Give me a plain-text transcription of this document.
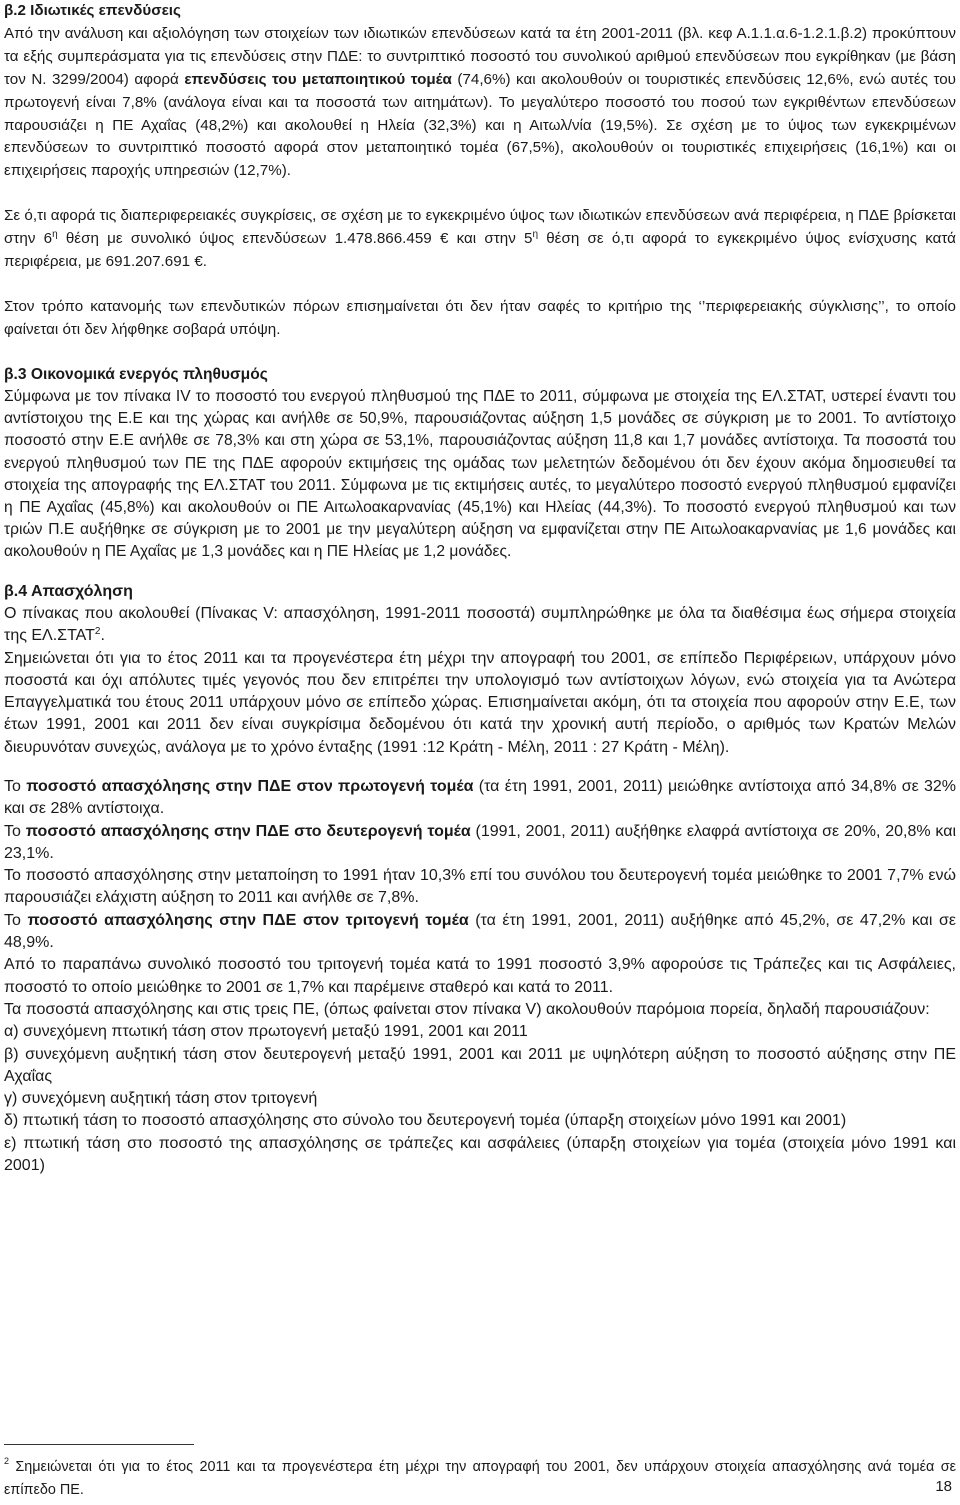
β.2 Ιδιωτικές επενδύσεις

Από την ανάλυση και αξιολόγηση των στοιχείων των ιδιωτικών επενδύσεων κατά τα έτη 2001-2011 (βλ. κεφ Α.1.1.α.6-1.2.1.β.2) προκύπτουν τα εξής συμπεράσματα για τις επενδύσεις στην ΠΔΕ: το συντριπτικό ποσοστό του συνολικού αριθμού επενδύσεων που εγκρίθηκαν (με βάση τον Ν. 3299/2004) αφορά επενδύσεις του μεταποιητικού τομέα (74,6%) και ακολουθούν οι τουριστικές επενδύσεις 12,6%, ενώ αυτές του πρωτογενή είναι 7,8% (ανάλογα είναι και τα ποσοστά των αιτημάτων). Το μεγαλύτερο ποσοστό του ποσού των εγκριθέντων επενδύσεων παρουσιάζει η ΠΕ Αχαΐας (48,2%) και ακολουθεί η Ηλεία (32,3%) και η Αιτωλ/νία (19,5%). Σε σχέση με το ύψος των εγκεκριμένων επενδύσεων το συντριπτικό ποσοστό αφορά στον μεταποιητικό τομέα (67,5%), ακολουθούν οι τουριστικές επιχειρήσεις (16,1%) και οι επιχειρήσεις παροχής υπηρεσιών (12,7%).

Σε ό,τι αφορά τις διαπεριφερειακές συγκρίσεις, σε σχέση με το εγκεκριμένο ύψος των ιδιωτικών επενδύσεων ανά περιφέρεια, η ΠΔΕ βρίσκεται στην $6^\eta$ θέση με συνολικό ύψος επενδύσεων 1.478.866.459 € και στην $5^\eta$ θέση σε ό,τι αφορά το εγκεκριμένο ύψος ενίσχυσης κατά περιφέρεια, με 691.207.691 €.

Στον τρόπο κατανομής των επενδυτικών πόρων επισημαίνεται ότι δεν ήταν σαφές το κριτήριο της ‘’περιφερειακής σύγκλισης’’, το οποίο φαίνεται ότι δεν λήφθηκε σοβαρά υπόψη.

β.3 Οικονομικά ενεργός πληθυσμός

Σύμφωνα με τον πίνακα IV το ποσοστό του ενεργού πληθυσμού της ΠΔΕ το 2011, σύμφωνα με στοιχεία της ΕΛ.ΣΤΑΤ, υστερεί έναντι του αντίστοιχου της Ε.Ε και της χώρας και ανήλθε σε 50,9%, παρουσιάζοντας αύξηση 1,5 μονάδες σε σύγκριση με το 2001. Το αντίστοιχο ποσοστό στην Ε.Ε ανήλθε σε 78,3% και στη χώρα σε 53,1%, παρουσιάζοντας αύξηση 11,8 και 1,7 μονάδες αντίστοιχα. Τα ποσοστά του ενεργού πληθυσμού των ΠΕ της ΠΔΕ αφορούν εκτιμήσεις της ομάδας των μελετητών δεδομένου ότι δεν έχουν ακόμα δημοσιευθεί τα στοιχεία της απογραφής της ΕΛ.ΣΤΑΤ του 2011. Σύμφωνα με τις εκτιμήσεις αυτές, το μεγαλύτερο ποσοστό ενεργού πληθυσμού εμφανίζει η ΠΕ Αχαΐας (45,8%) και ακολουθούν οι ΠΕ Αιτωλοακαρνανίας (45,1%) και Ηλείας (44,3%). Το ποσοστό ενεργού πληθυσμού και των τριών Π.Ε αυξήθηκε σε σύγκριση με το 2001 με την μεγαλύτερη αύξηση να εμφανίζεται στην ΠΕ Αιτωλοακαρνανίας με 1,6 μονάδες και ακολουθούν η ΠΕ Αχαΐας με 1,3 μονάδες και η ΠΕ Ηλείας με 1,2 μονάδες.

β.4 Απασχόληση

Ο πίνακας που ακολουθεί (Πίνακας V: απασχόληση, 1991-2011 ποσοστά) συμπληρώθηκε με όλα τα διαθέσιμα έως σήμερα στοιχεία της ΕΛ.ΣΤΑΤ$^2$.

Σημειώνεται ότι για το έτος 2011 και τα προγενέστερα έτη μέχρι την απογραφή του 2001, σε επίπεδο Περιφέρειων, υπάρχουν μόνο ποσοστά και όχι απόλυτες τιμές γεγονός που δεν επιτρέπει την υπολογισμό των αντίστοιχων λόγων, ενώ στοιχεία για τα Ανώτερα Επαγγελματικά του έτους 2011 υπάρχουν μόνο σε επίπεδο χώρας. Επισημαίνεται ακόμη, ότι τα στοιχεία που αφορούν στην Ε.Ε, των έτων 1991, 2001 και 2011 δεν είναι συγκρίσιμα δεδομένου ότι κατά την χρονική αυτή περίοδο, ο αριθμός των Κρατών Μελών διευρυνόταν συνεχώς, ανάλογα με το χρόνο ένταξης (1991 :12 Κράτη - Μέλη, 2011 : 27 Κράτη - Μέλη).

Το ποσοστό απασχόλησης στην ΠΔΕ στον πρωτογενή τομέα (τα έτη 1991, 2001, 2011) μειώθηκε αντίστοιχα από 34,8% σε 32% και σε 28% αντίστοιχα.

Το ποσοστό απασχόλησης στην ΠΔΕ στο δευτερογενή τομέα (1991, 2001, 2011) αυξήθηκε ελαφρά αντίστοιχα σε 20%, 20,8% και 23,1%.

Το ποσοστό απασχόλησης στην μεταποίηση το 1991 ήταν 10,3% επί του συνόλου του δευτερογενή τομέα μειώθηκε το 2001 7,7% ενώ παρουσιάζει ελάχιστη αύξηση το 2011 και ανήλθε σε 7,8%.

Το ποσοστό απασχόλησης στην ΠΔΕ στον τριτογενή τομέα (τα έτη 1991, 2001, 2011) αυξήθηκε από 45,2%, σε 47,2% και σε 48,9%.

Από το παραπάνω συνολικό ποσοστό του τριτογενή τομέα κατά το 1991 ποσοστό 3,9% αφορούσε τις Τράπεζες και τις Ασφάλειες, ποσοστό το οποίο μειώθηκε το 2001 σε 1,7% και παρέμεινε σταθερό και κατά το 2011.

Τα ποσοστά απασχόλησης και στις τρεις ΠΕ, (όπως φαίνεται στον πίνακα V) ακολουθούν παρόμοια πορεία, δηλαδή παρουσιάζουν:

α) συνεχόμενη πτωτική τάση στον πρωτογενή μεταξύ 1991, 2001 και 2011

β) συνεχόμενη αυξητική τάση στον δευτερογενή μεταξύ 1991, 2001 και 2011 με υψηλότερη αύξηση το ποσοστό αύξησης στην ΠΕ Αχαΐας

γ) συνεχόμενη αυξητική τάση στον τριτογενή

δ) πτωτική τάση το ποσοστό απασχόλησης στο σύνολο του δευτερογενή τομέα (ύπαρξη στοιχείων μόνο 1991 και 2001)

ε) πτωτική τάση στο ποσοστό της απασχόλησης σε τράπεζες και ασφάλειες (ύπαρξη στοιχείων για τομέα (στοιχεία μόνο 1991 και 2001)

$^2$ Σημειώνεται ότι για το έτος 2011 και τα προγενέστερα έτη μέχρι την απογραφή του 2001, δεν υπάρχουν στοιχεία απασχόλησης ανά τομέα σε επίπεδο ΠΕ.	18
